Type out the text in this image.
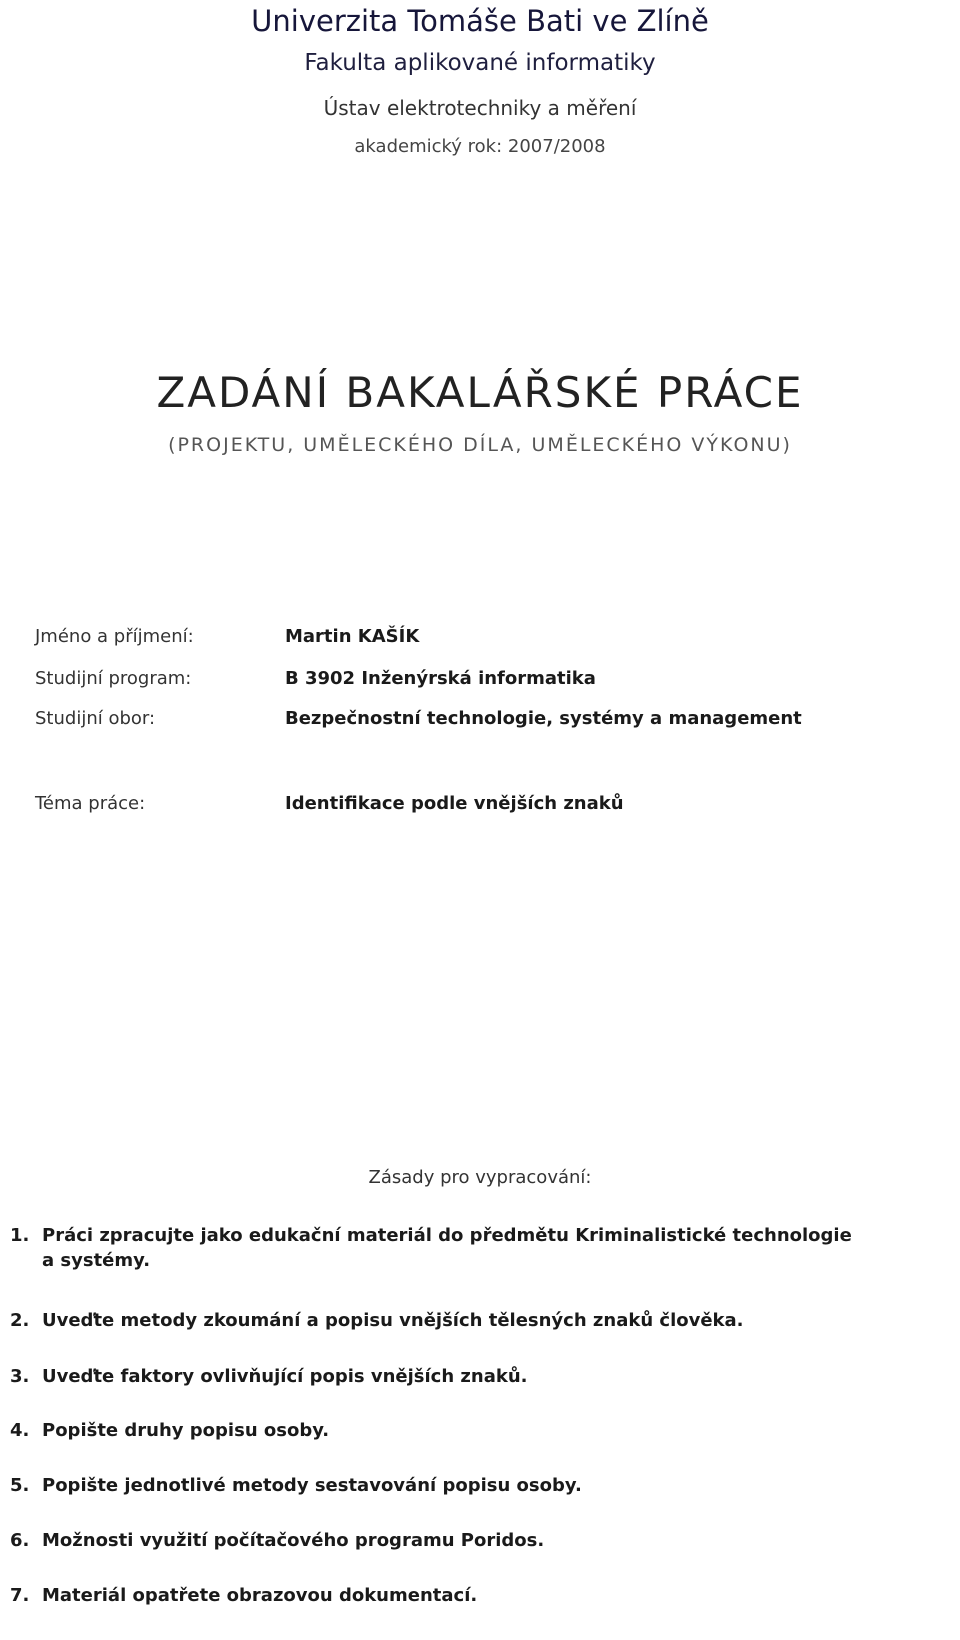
Univerzita Tomáše Bati ve Zlíně
Fakulta aplikované informatiky
Ústav elektrotechniky a měření
akademický rok: 2007/2008
ZADÁNÍ BAKALÁŘSKÉ PRÁCE
(PROJEKTU, UMĚLECKÉHO DÍLA, UMĚLECKÉHO VÝKONU)
Jméno a příjmení:	Martin KAŠÍK
Studijní program:	B 3902 Inženýrská informatika
Studijní obor:	Bezpečnostní technologie, systémy a management
Téma práce:	Identifikace podle vnějších znaků
Zásady pro vypracování:
1. Práci zpracujte jako edukační materiál do předmětu Kriminalistické technologie
a systémy.
2. Uveďte metody zkoumání a popisu vnějších tělesných znaků člověka.
3. Uveďte faktory ovlivňující popis vnějších znaků.
4. Popište druhy popisu osoby.
5. Popište jednotlivé metody sestavování popisu osoby.
6. Možnosti využití počítačového programu Poridos.
7. Materiál opatřete obrazovou dokumentací.
